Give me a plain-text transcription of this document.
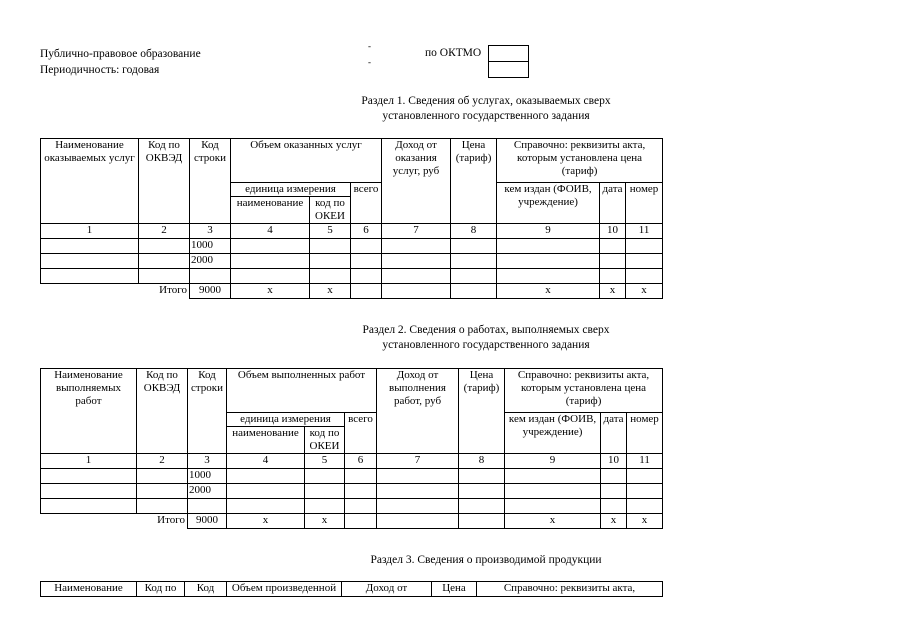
Публично-правовое образование
Периодичность: годовая
-
-
по ОКТМО
Раздел 1. Сведения об услугах, оказываемых сверх
установленного государственного задания
Наименование оказываемых услуг	Код по ОКВЭД	Код строки	Объем оказанных услуг			Доход от оказания услуг, руб	Цена (тариф)	Справочно: реквизиты акта, которым установлена цена (тариф)		
			единица измерения		всего			кем издан (ФОИВ, учреждение)	дата	номер
			наименование	код по ОКЕИ						
1	2	3	4	5	6	7	8	9	10	11
		1000								
		2000								

Итого		9000	x	x				x	x	x
Раздел 2. Сведения о работах, выполняемых сверх
установленного государственного задания
Наименование выполняемых работ	Код по ОКВЭД	Код строки	Объем выполненных работ			Доход от выполнения работ, руб	Цена (тариф)	Справочно: реквизиты акта, которым установлена цена (тариф)		
			единица измерения		всего			кем издан (ФОИВ, учреждение)	дата	номер
			наименование	код по ОКЕИ						
1	2	3	4	5	6	7	8	9	10	11
		1000								
		2000								

Итого		9000	x	x				x	x	x
Раздел 3. Сведения о производимой продукции
Наименование	Код по	Код	Объем произведенной	Доход от	Цена	Справочно: реквизиты акта,
